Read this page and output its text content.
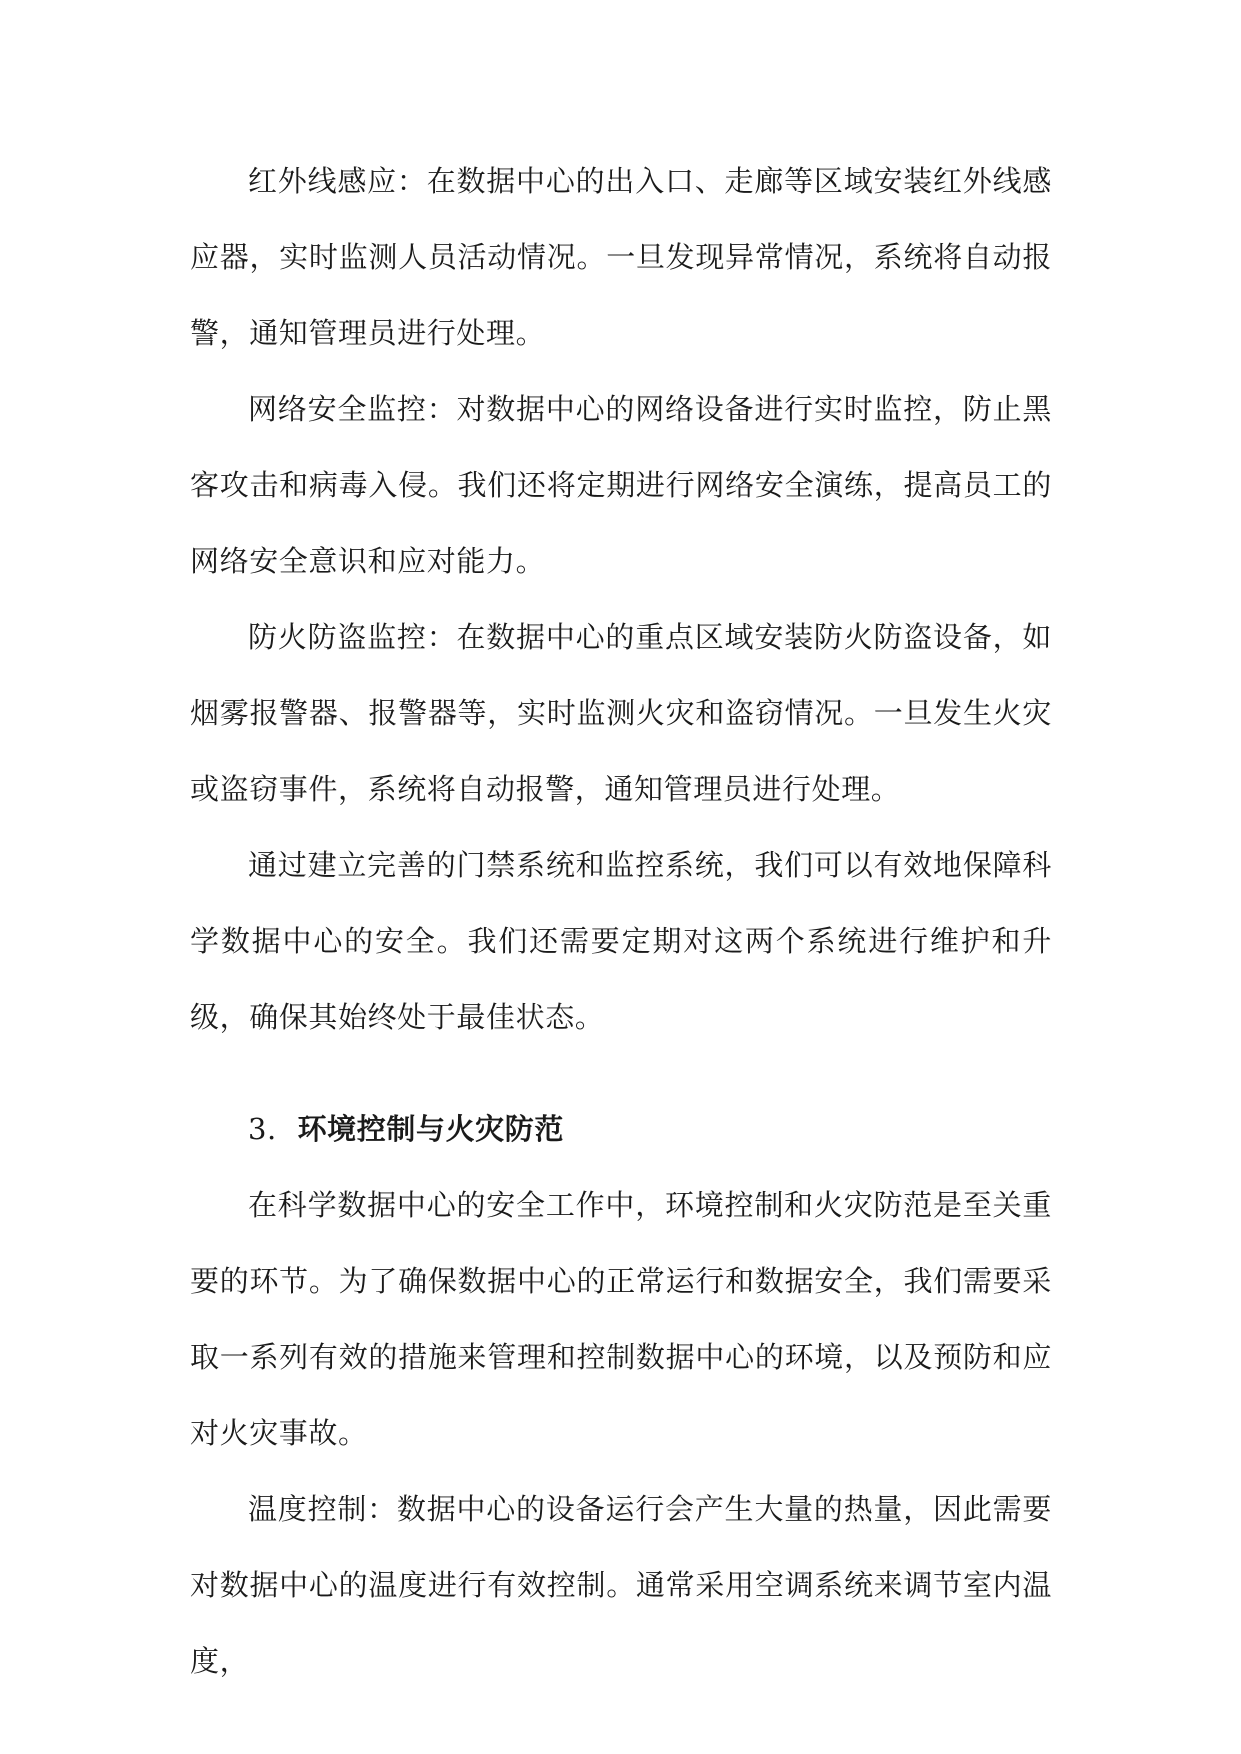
红外线感应：在数据中心的出入口、走廊等区域安装红外线感应器，实时监测人员活动情况。一旦发现异常情况，系统将自动报警，通知管理员进行处理。

网络安全监控：对数据中心的网络设备进行实时监控，防止黑客攻击和病毒入侵。我们还将定期进行网络安全演练，提高员工的网络安全意识和应对能力。

防火防盗监控：在数据中心的重点区域安装防火防盗设备，如烟雾报警器、报警器等，实时监测火灾和盗窃情况。一旦发生火灾或盗窃事件，系统将自动报警，通知管理员进行处理。

通过建立完善的门禁系统和监控系统，我们可以有效地保障科学数据中心的安全。我们还需要定期对这两个系统进行维护和升级，确保其始终处于最佳状态。

3. 环境控制与火灾防范

在科学数据中心的安全工作中，环境控制和火灾防范是至关重要的环节。为了确保数据中心的正常运行和数据安全，我们需要采取一系列有效的措施来管理和控制数据中心的环境，以及预防和应对火灾事故。

温度控制：数据中心的设备运行会产生大量的热量，因此需要对数据中心的温度进行有效控制。通常采用空调系统来调节室内温度，
